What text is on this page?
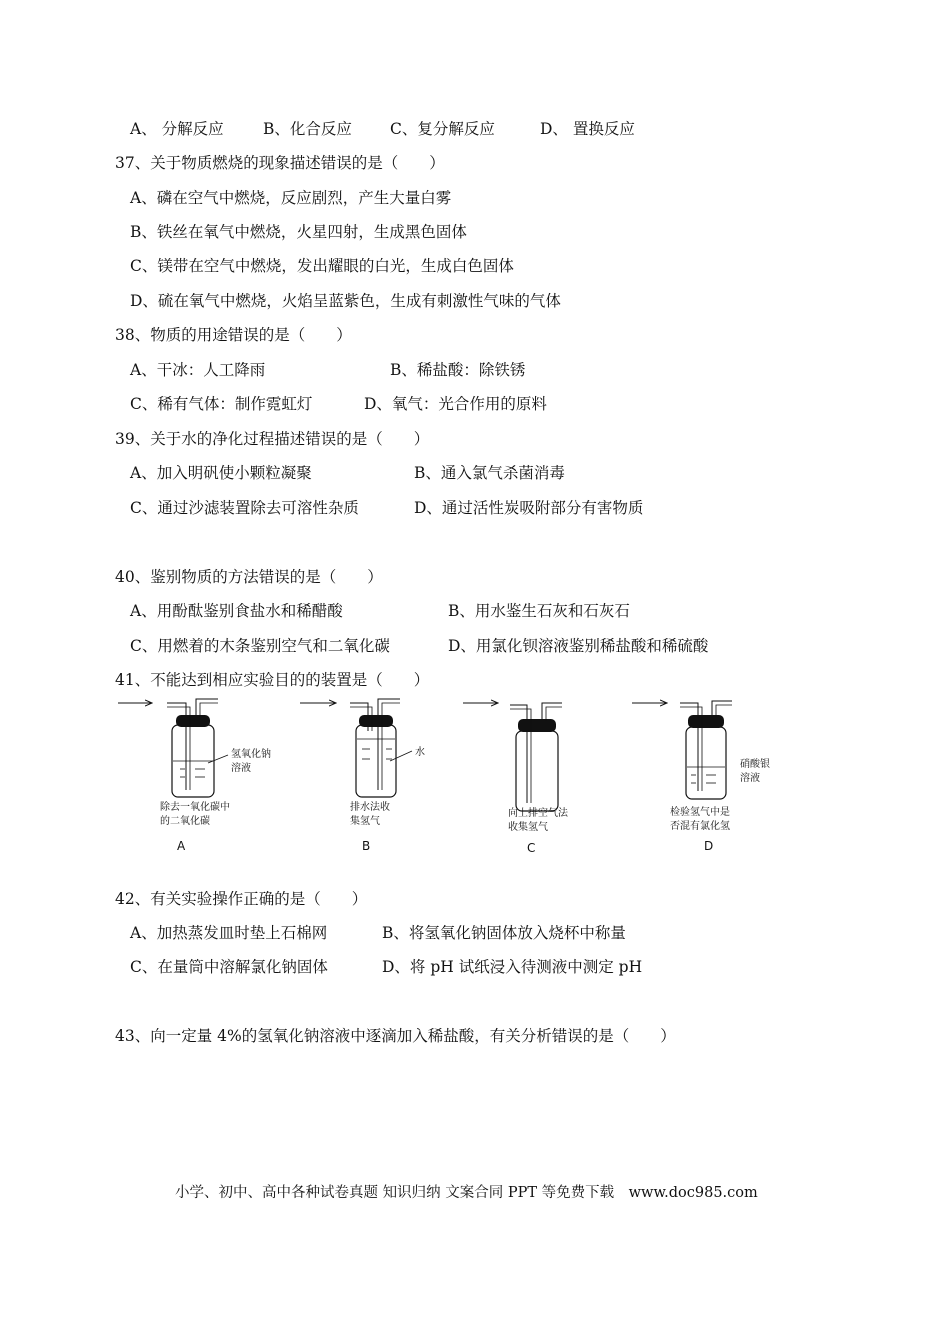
A、 分解反应	B、化合反应 C、复分解反应	D、 置换反应
37、关于物质燃烧的现象描述错误的是（　　）
A、磷在空气中燃烧，反应剧烈，产生大量白雾
B、铁丝在氧气中燃烧，火星四射，生成黑色固体
C、镁带在空气中燃烧，发出耀眼的白光，生成白色固体
D、硫在氧气中燃烧，火焰呈蓝紫色，生成有刺激性气味的气体
38、物质的用途错误的是（　　）
A、干冰：人工降雨	B、稀盐酸：除铁锈
C、稀有气体：制作霓虹灯	D、氧气：光合作用的原料
39、关于水的净化过程描述错误的是（　　）
A、加入明矾使小颗粒凝聚	B、通入氯气杀菌消毒
C、通过沙滤装置除去可溶性杂质	D、通过活性炭吸附部分有害物质
40、鉴别物质的方法错误的是（　　）
A、用酚酞鉴别食盐水和稀醋酸	B、用水鉴生石灰和石灰石
C、用燃着的木条鉴别空气和二氧化碳	D、用氯化钡溶液鉴别稀盐酸和稀硫酸
41、不能达到相应实验目的的装置是（　　）
氢氧化钠
溶液
除去一氧化碳中
的二氧化碳
A
水
排水法收
集氢气
B
向上排空气法
收集氢气
C
硝酸银
溶液
检验氢气中是
否混有氯化氢
D
42、有关实验操作正确的是（　　）
A、加热蒸发皿时垫上石棉网	B、将氢氧化钠固体放入烧杯中称量
C、在量筒中溶解氯化钠固体	D、将 pH 试纸浸入待测液中测定 pH
43、向一定量 4%的氢氧化钠溶液中逐滴加入稀盐酸，有关分析错误的是（　　）
小学、初中、高中各种试卷真题 知识归纳 文案合同 PPT 等免费下载　www.doc985.com
